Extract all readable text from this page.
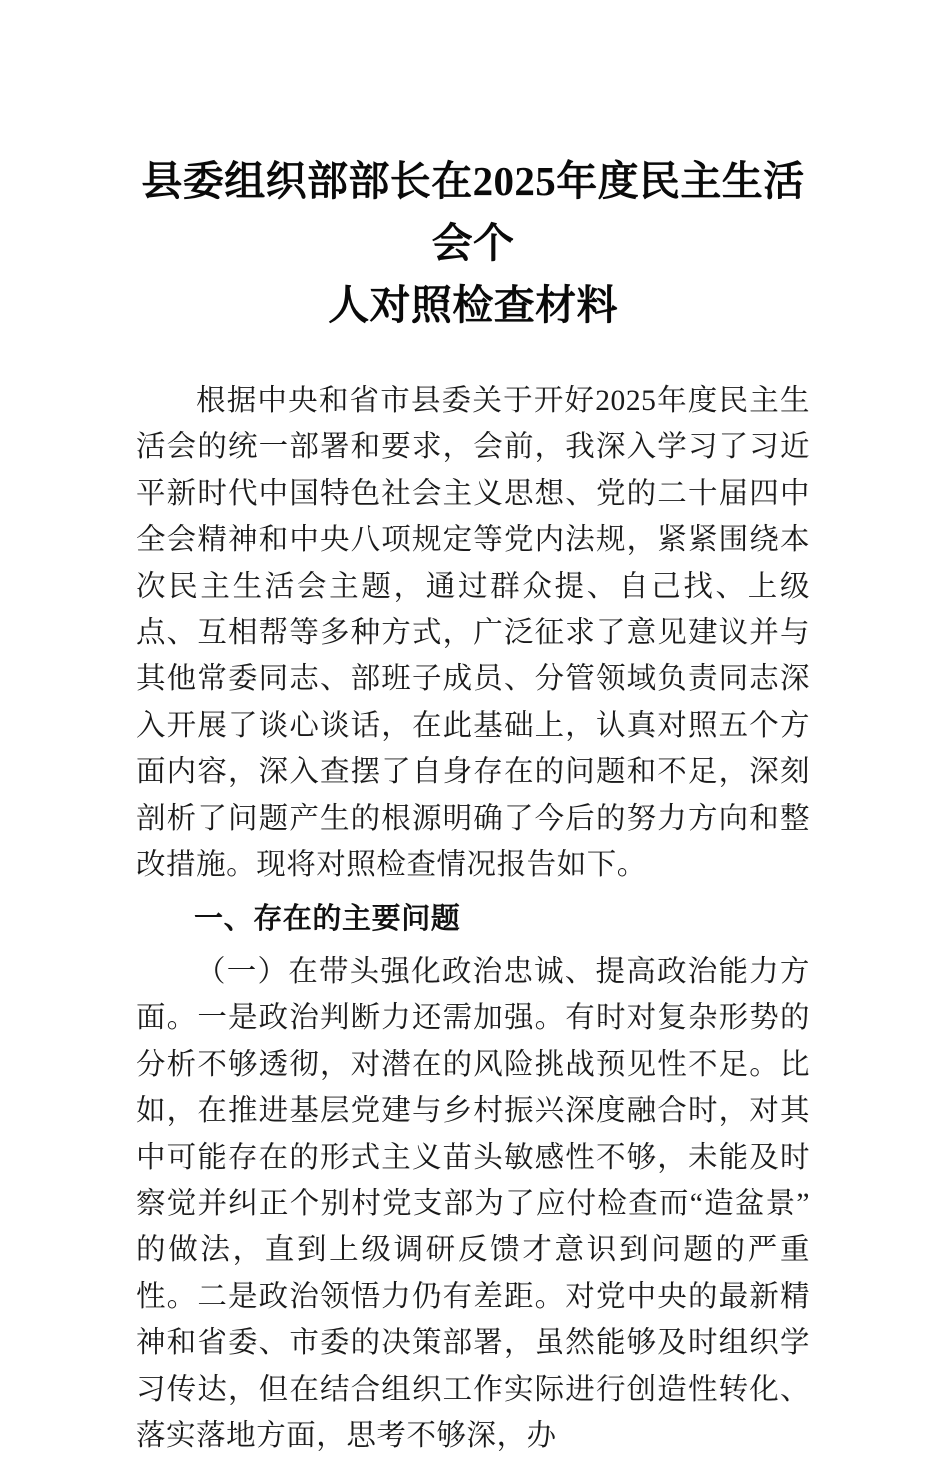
县委组织部部长在2025年度民主生活会个
人对照检查材料

根据中央和省市县委关于开好2025年度民主生活会的统一部署和要求，会前，我深入学习了习近平新时代中国特色社会主义思想、党的二十届四中全会精神和中央八项规定等党内法规，紧紧围绕本次民主生活会主题，通过群众提、自己找、上级点、互相帮等多种方式，广泛征求了意见建议并与其他常委同志、部班子成员、分管领域负责同志深入开展了谈心谈话，在此基础上，认真对照五个方面内容，深入查摆了自身存在的问题和不足，深刻剖析了问题产生的根源明确了今后的努力方向和整改措施。现将对照检查情况报告如下。

一、存在的主要问题

（一）在带头强化政治忠诚、提高政治能力方面。一是政治判断力还需加强。有时对复杂形势的分析不够透彻，对潜在的风险挑战预见性不足。比如，在推进基层党建与乡村振兴深度融合时，对其中可能存在的形式主义苗头敏感性不够，未能及时察觉并纠正个别村党支部为了应付检查而“造盆景”的做法，直到上级调研反馈才意识到问题的严重性。二是政治领悟力仍有差距。对党中央的最新精神和省委、市委的决策部署，虽然能够及时组织学习传达，但在结合组织工作实际进行创造性转化、落实落地方面，思考不够深，办
